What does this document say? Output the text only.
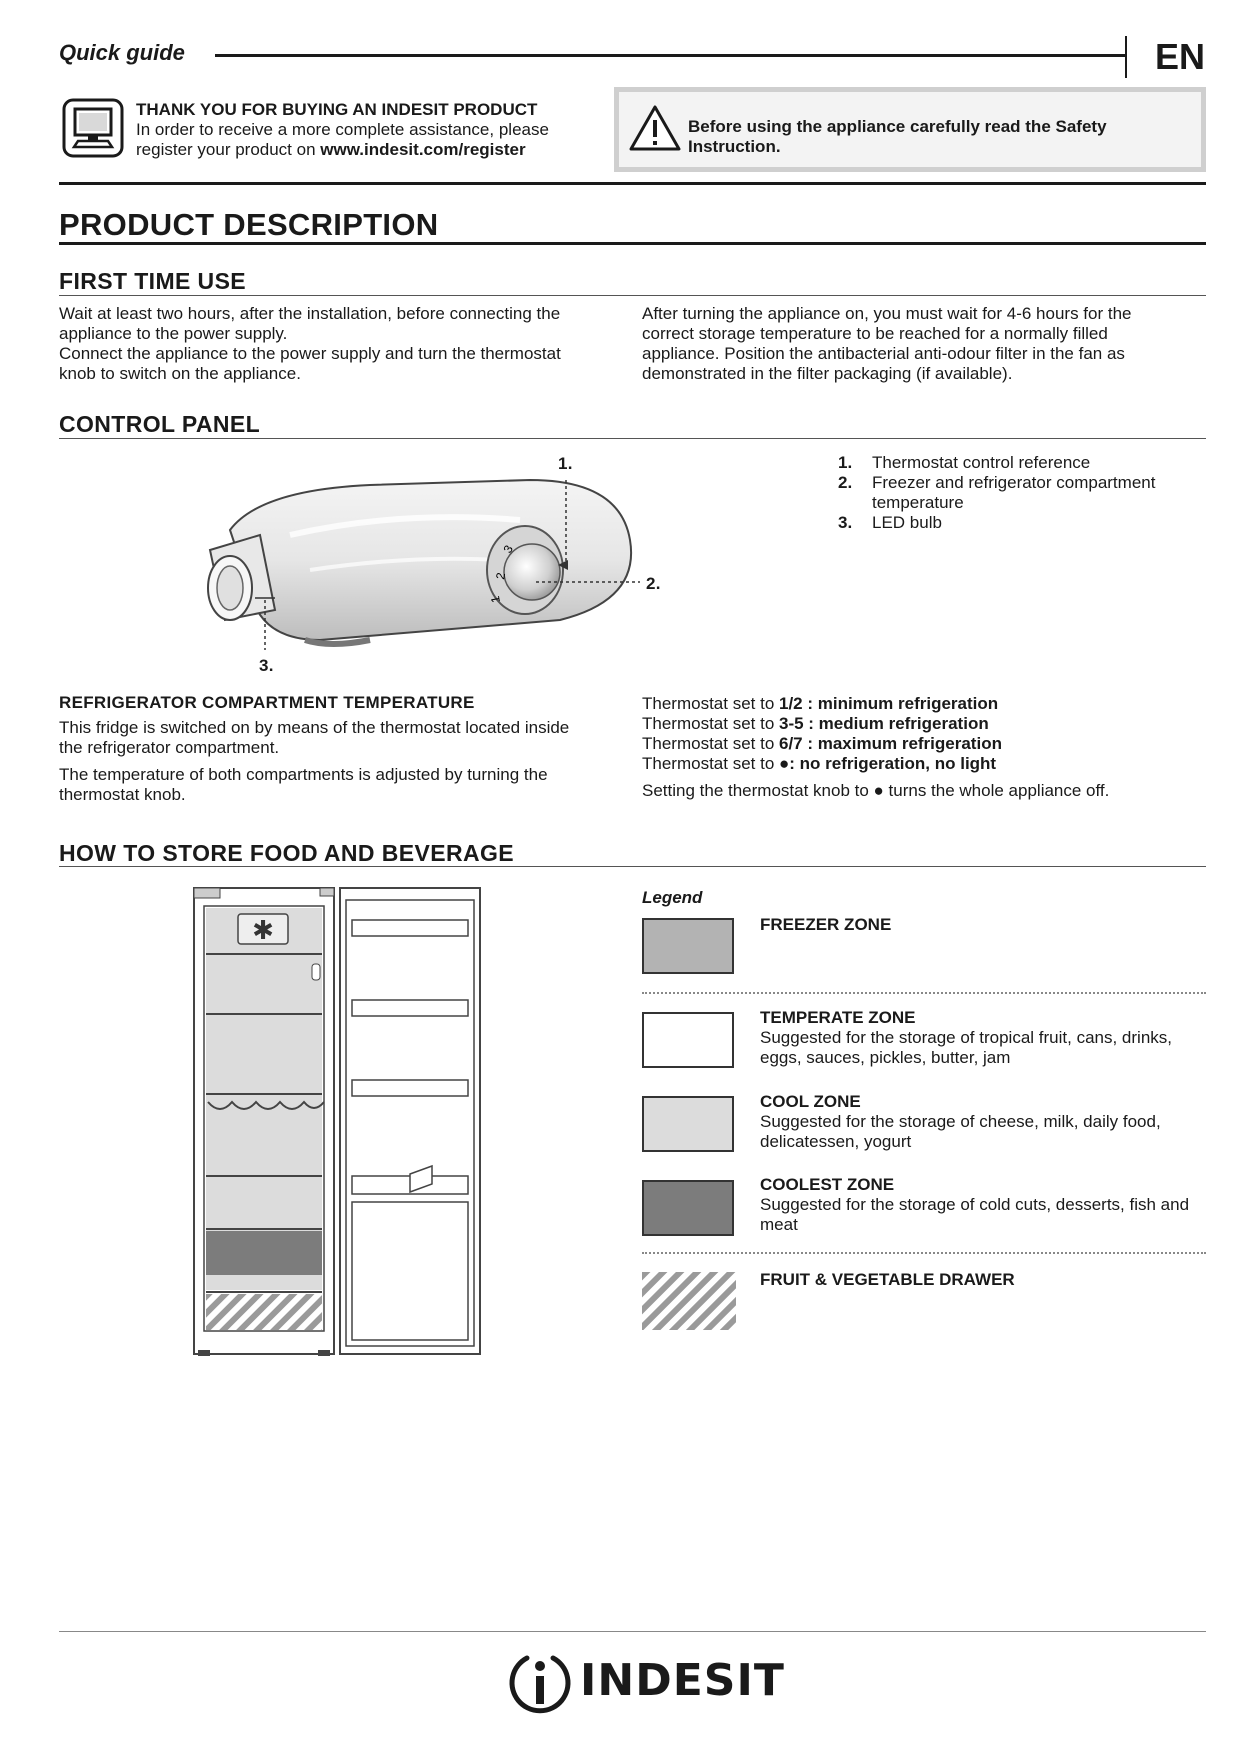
Quick guide	EN
THANK YOU FOR BUYING AN INDESIT PRODUCT
In order to receive a more complete assistance, please
register your product on www.indesit.com/register
Before using the appliance carefully read the Safety
Instruction.
PRODUCT DESCRIPTION
FIRST TIME USE
Wait at least two hours, after the installation, before connecting the
appliance to the power supply.
Connect the appliance to the power supply and turn the thermostat
knob to switch on the appliance.
After turning the appliance on, you must wait for 4-6 hours for the
correct storage temperature to be reached for a normally filled
appliance. Position the antibacterial anti-odour filter in the fan as
demonstrated in the filter packaging (if available).
CONTROL PANEL
2
3
1
1.
2.
3.
1. Thermostat control reference
2. Freezer and refrigerator compartment
temperature
3. LED bulb
REFRIGERATOR COMPARTMENT TEMPERATURE
This fridge is switched on by means of the thermostat located inside
the refrigerator compartment.
The temperature of both compartments is adjusted by turning the
thermostat knob.
Thermostat set to 1/2 : minimum refrigeration
Thermostat set to 3-5 : medium refrigeration
Thermostat set to 6/7 : maximum refrigeration
Thermostat set to ●: no refrigeration, no light
Setting the thermostat knob to ● turns the whole appliance off.
HOW TO STORE FOOD AND BEVERAGE
✱
Legend
FREEZER ZONE
TEMPERATE ZONE
Suggested for the storage of tropical fruit, cans, drinks,
eggs, sauces, pickles, butter, jam
COOL ZONE
Suggested for the storage of cheese, milk, daily food,
delicatessen, yogurt
COOLEST ZONE
Suggested for the storage of cold cuts, desserts, fish and
meat
FRUIT & VEGETABLE DRAWER
INDESIT
